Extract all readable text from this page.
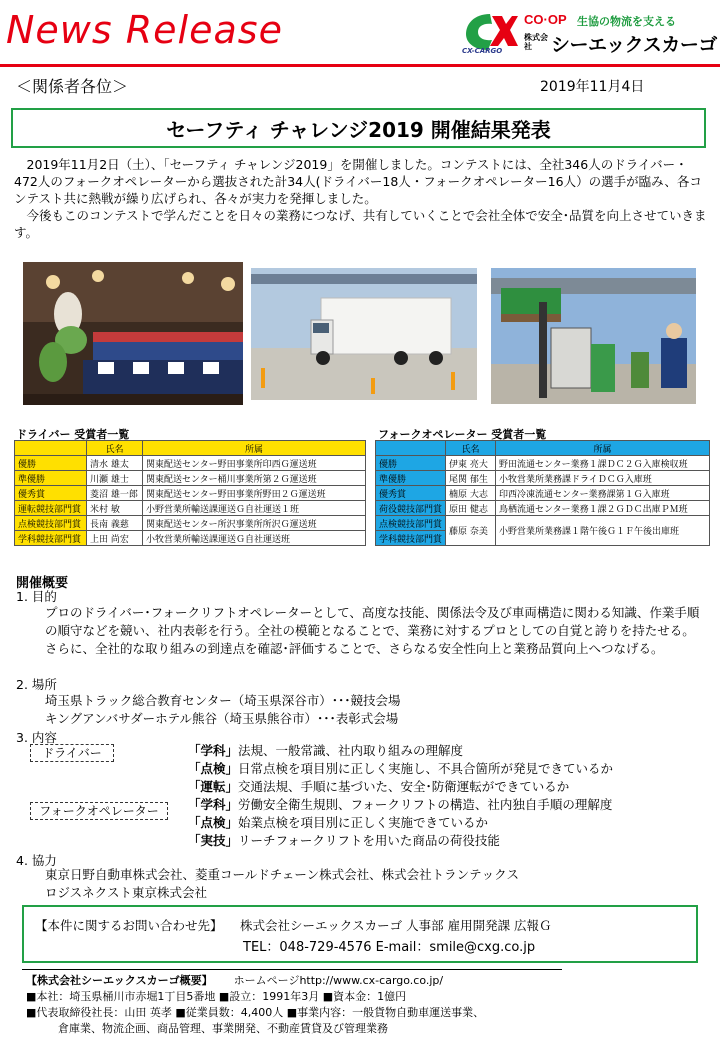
News Release	CX-CARGO
CO·OP 生協の物流を支える
株式会社	シーエックスカーゴ
＜関係者各位＞	2019年11月4日
セーフティ チャレンジ2019 開催結果発表

2019年11月2日（土）、「セーフティ チャレンジ2019」を開催しました。コンテストには、全社346人のドライバー・472人のフォークオペレーターから選抜された計34人(ドライバー18人・フォークオペレーター16人）の選手が臨み、各コンテスト共に熱戦が繰り広げられ、各々が実力を発揮しました。

今後もこのコンテストで学んだことを日々の業務につなげ、共有していくことで会社全体で安全･品質を向上させていきます。

ドライバー 受賞者一覧
	氏名	所属
優勝	清水 雄太	関東配送センター野田事業所印西Ｇ運送班
準優勝	川瀬 雄士	関東配送センター桶川事業所第２Ｇ運送班
優秀賞	菱沼 雄一郎	関東配送センター野田事業所野田２Ｇ運送班
運転競技部門賞	米村 敏	小野営業所輸送課運送Ｇ自社運送１班
点検競技部門賞	長南 義慈	関東配送センター所沢事業所所沢Ｇ運送班
学科競技部門賞	上田 尚宏	小牧営業所輸送課運送Ｇ自社運送班
フォークオペレーター 受賞者一覧
	氏名	所属
優勝	伊東 亮大	野田流通センター業務１課ＤＣ２Ｇ入庫検収班
準優勝	尾関 郁生	小牧営業所業務課ドライＤＣＧ入庫班
優秀賞	楠原 大志	印西冷凍流通センター業務課第１Ｇ入庫班
荷役競技部門賞	原田 健志	鳥栖流通センター業務１課２ＧＤＣ出庫ＰＭ班
点検競技部門賞	藤原 奈美	小野営業所業務課１階午後Ｇ１Ｆ午後出庫班
学科競技部門賞		
開催概要
1. 目的
プロのドライバー･フォークリフトオペレーターとして、高度な技能、関係法令及び車両構造に関わる知識、作業手順の順守などを競い、社内表彰を行う。全社の模範となることで、業務に対するプロとしての自覚と誇りを持たせる。さらに、全社的な取り組みの到達点を確認･評価することで、さらなる安全性向上と業務品質向上へつなげる。
2. 場所
埼玉県トラック総合教育センター（埼玉県深谷市）･･･競技会場
キングアンバサダーホテル熊谷（埼玉県熊谷市）･･･表彰式会場
3. 内容
ドライバー
フォークオペレーター
「学科」法規、一般常識、社内取り組みの理解度
「点検」日常点検を項目別に正しく実施し、不具合箇所が発見できているか
「運転」交通法規、手順に基づいた、安全･防衛運転ができているか
「学科」労働安全衛生規則、フォークリフトの構造、社内独自手順の理解度
「点検」始業点検を項目別に正しく実施できているか
「実技」リーチフォークリフトを用いた商品の荷役技能
4. 協力
東京日野自動車株式会社、菱重コールドチェーン株式会社、株式会社トランテックス
ロジスネクスト東京株式会社
【本件に関するお問い合わせ先】 株式会社シーエックスカーゴ 人事部 雇用開発課 広報Ｇ
TEL：048-729-4576 E-mail：smile@cxg.co.jp
【株式会社シーエックスカーゴ概要】 ホームページhttp://www.cx-cargo.co.jp/
■本社：埼玉県桶川市赤堀1丁目5番地 ■設立：1991年3月 ■資本金：1億円
■代表取締役社長：山田 英孝 ■従業員数：4,400人 ■事業内容：一般貨物自動車運送事業、
倉庫業、物流企画、商品管理、事業開発、不動産賃貸及び管理業務
